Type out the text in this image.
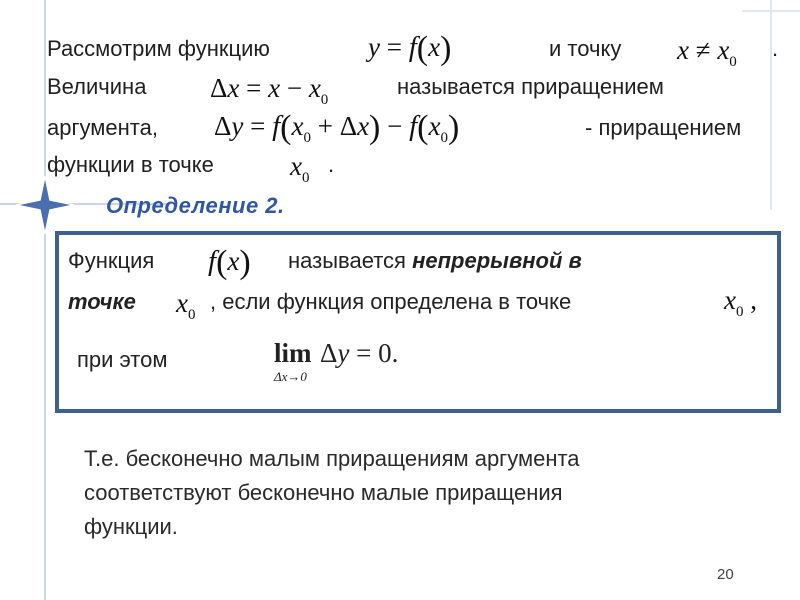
Рассмотрим функцию	y = f(x)	и точку $x \ne x_0$
.
Величина $\Delta x = x - x_0$
называется приращением
аргумента, $\Delta y = f(x_0 + \Delta x) - f(x_0)$	- приращением
функции в точке	$x_0$
.
Определение 2.
Функция f(x) называется непрерывной в
точке $x_0$
, если функция определена в точке	$x_0$ ,
при этом	lim
Δx→0
Δy = 0.
Т.е. бесконечно малым приращениям аргумента
соответствуют бесконечно малые приращения
функции.
20
